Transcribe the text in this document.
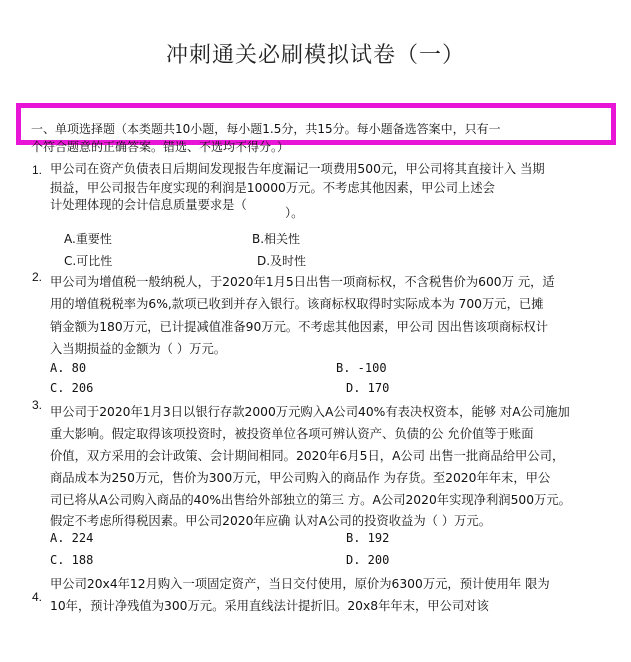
冲刺通关必刷模拟试卷（一）
一、单项选择题（本类题共10小题，每小题1.5分，共15分。每小题备选答案中，只有一
个符合题意的正确答案。错选、不选均不得分。）
1. 甲公司在资产负债表日后期间发现报告年度漏记一项费用500元，甲公司将其直接计入 当期
损益，甲公司报告年度实现的利润是10000万元。不考虑其他因素，甲公司上述会
计处理体现的会计信息质量要求是（
）。
A.重要性	B.相关性
C.可比性	D.及时性
2. 甲公司为增值税一般纳税人，于2020年1月5日出售一项商标权，不含税售价为600万 元，适
用的增值税税率为6%,款项已收到并存入银行。该商标权取得时实际成本为 700万元，已摊
销金额为180万元，已计提减值准备90万元。不考虑其他因素，甲公司 因出售该项商标权计
入当期损益的金额为（ ）万元。
A. 80	B. -100
C. 206	D. 170
3. 甲公司于2020年1月3日以银行存款2000万元购入A公司40%有表决权资本，能够 对A公司施加
重大影响。假定取得该项投资时，被投资单位各项可辨认资产、负债的公 允价值等于账面
价值，双方采用的会计政策、会计期间相同。2020年6月5日，A公司 出售一批商品给甲公司，
商品成本为250万元，售价为300万元，甲公司购入的商品作 为存货。至2020年年末，甲公
司已将从A公司购入商品的40%出售给外部独立的第三 方。A公司2020年实现净利润500万元。
假定不考虑所得税因素。甲公司2020年应确 认对A公司的投资收益为（ ）万元。
A. 224	B. 192
C. 188	D. 200
甲公司20x4年12月购入一项固定资产，当日交付使用，原价为6300万元，预计使用年 限为
4.
10年，预计净残值为300万元。采用直线法计提折旧。20x8年年末，甲公司对该
